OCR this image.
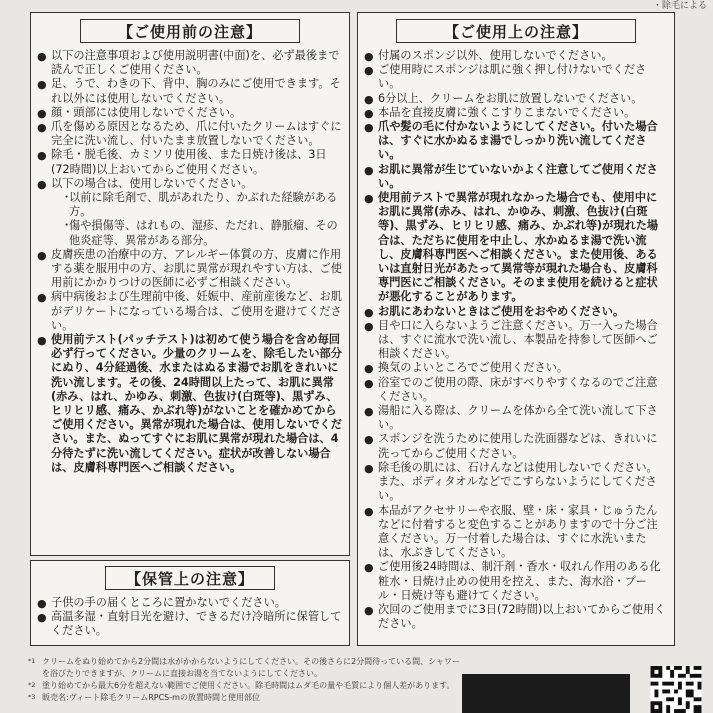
・除毛による
【 ご使用前の注意 】
● 以下の注意事項および使用説明書(中面)を、必ず最後まで読んで正しくご使用ください。
● 足、うで、わきの下、背中、胸のみにご使用できます。それ以外には使用しないでください。
● 顔・頭部には使用しないでください。
● 爪を傷める原因となるため、爪に付いたクリームはすぐに完全に洗い流し、付いたまま放置しないでください。
● 除毛・脱毛後、カミソリ使用後、また日焼け後は、3日(72時間)以上おいてからご使用ください。
● 以下の場合は、使用しないでください。
・
以前に除毛剤で、肌があれたり、かぶれた経験がある方。
・
傷や損傷等、はれもの、湿疹、ただれ、静脈瘤、その他炎症等、異常がある部分。
● 皮膚疾患の治療中の方、アレルギー体質の方、皮膚に作用する薬を服用中の方、お肌に異常が現れやすい方は、ご使用前にかかりつけの医師に必ずご相談ください。
● 病中病後および生理前中後、妊娠中、産前産後など、お肌がデリケートになっている場合は、ご使用を避けてください。
● 使用前テスト(パッチテスト)は初めて使う場合を含め毎回必ず行ってください。少量のクリームを、除毛したい部分にぬり、4分経過後、水またはぬるま湯でお肌をきれいに洗い流します。その後、24時間以上たって、お肌に異常(赤み、はれ、かゆみ、刺激、色抜け(白斑等)、黒ずみ、ヒリヒリ感、痛み、かぶれ等)がないことを確かめてからご使用ください。異常が現れた場合は、使用しないでください。また、ぬってすぐにお肌に異常が現れた場合は、4分待たずに洗い流してください。症状が改善しない場合は、皮膚科専門医へご相談ください。
【 保管上の注意 】
● 子供の手の届くところに置かないでください。
● 高温多湿・直射日光を避け、できるだけ冷暗所に保管してください。
【 ご使用上の注意 】
● 付属のスポンジ以外、使用しないでください。
● ご使用時にスポンジは肌に強く押し付けないでください。
● 6分以上、クリームをお肌に放置しないでください。
● 本品を直接皮膚に強くこすりこまないでください。
● 爪や髪の毛に付かないようにしてください。付いた場合は、すぐに水かぬるま湯でしっかり洗い流してください。
● お肌に異常が生じていないかよく注意してご使用ください。
● 使用前テストで異常が現れなかった場合でも、使用中にお肌に異常(赤み、はれ、かゆみ、刺激、色抜け(白斑等)、黒ずみ、ヒリヒリ感、痛み、かぶれ等)が現れた場合は、ただちに使用を中止し、水かぬるま湯で洗い流し、皮膚科専門医へご相談ください。また使用後、あるいは直射日光があたって異常等が現れた場合も、皮膚科専門医にご相談ください。そのまま使用を続けると症状が悪化することがあります。
● お肌にあわないときはご使用をおやめください。
● 目や口に入らないようご注意ください。万一入った場合は、すぐに流水で洗い流し、本製品を持参して医師へご相談ください。
● 換気のよいところでご使用ください。
● 浴室でのご使用の際、床がすべりやすくなるのでご注意ください。
● 湯船に入る際は、クリームを体から全て洗い流して下さい。
● スポンジを洗うために使用した洗面器などは、きれいに洗ってからご使用ください。
● 除毛後の肌には、石けんなどは使用しないでください。また、ボディタオルなどでこすらないようにしてください。
● 本品がアクセサリーや衣服、壁・床・家具・じゅうたんなどに付着すると変色することがありますので十分ご注意ください。万一付着した場合は、すぐに水洗いまたは、水ぶきしてください。
● ご使用後24時間は、制汗剤・香水・収れん作用のある化粧水・日焼け止めの使用を控え、また、海水浴・プール・日焼け等も避けてください。
● 次回のご使用までに3日(72時間)以上おいてからご使用ください。
*1 クリームをぬり始めてから2分間は水がかからないようにしてください。その後さらに2分間待っている間、シャワー
を浴びたりできますが、クリームに直接お湯を当てないようにしてください。
*2 塗り始めてから最大6分を超えない範囲でご使用ください。除毛時間はムダ毛の量や毛質により個人差があります。
*3 販売名:ヴィート除毛クリームRPCS-mの放置時間と使用部位
